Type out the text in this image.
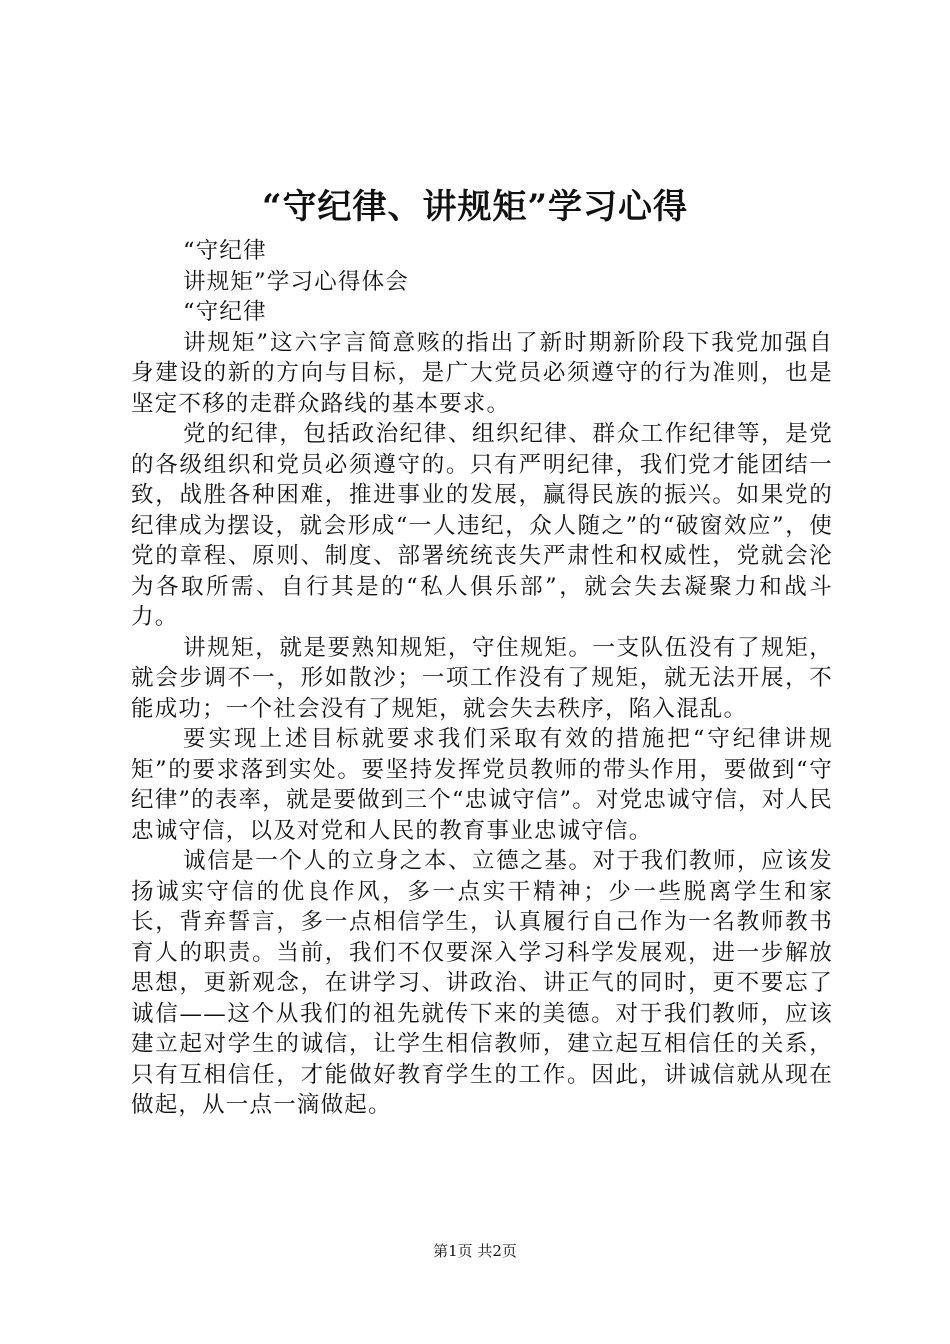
“守纪律、讲规矩”学习心得

“守纪律

讲规矩”学习心得体会

“守纪律

讲规矩”这六字言简意赅的指出了新时期新阶段下我党加强自身建设的新的方向与目标，是广大党员必须遵守的行为准则，也是坚定不移的走群众路线的基本要求。

党的纪律，包括政治纪律、组织纪律、群众工作纪律等，是党的各级组织和党员必须遵守的。只有严明纪律，我们党才能团结一致，战胜各种困难，推进事业的发展，赢得民族的振兴。如果党的纪律成为摆设，就会形成“一人违纪，众人随之”的“破窗效应”，使党的章程、原则、制度、部署统统丧失严肃性和权威性，党就会沦为各取所需、自行其是的“私人俱乐部”，就会失去凝聚力和战斗力。

讲规矩，就是要熟知规矩，守住规矩。一支队伍没有了规矩，就会步调不一，形如散沙；一项工作没有了规矩，就无法开展，不能成功；一个社会没有了规矩，就会失去秩序，陷入混乱。

要实现上述目标就要求我们采取有效的措施把“守纪律讲规矩”的要求落到实处。要坚持发挥党员教师的带头作用，要做到“守纪律”的表率，就是要做到三个“忠诚守信”。对党忠诚守信，对人民忠诚守信，以及对党和人民的教育事业忠诚守信。

诚信是一个人的立身之本、立德之基。对于我们教师，应该发扬诚实守信的优良作风，多一点实干精神；少一些脱离学生和家长，背弃誓言，多一点相信学生，认真履行自己作为一名教师教书育人的职责。当前，我们不仅要深入学习科学发展观，进一步解放思想，更新观念，在讲学习、讲政治、讲正气的同时，更不要忘了诚信——这个从我们的祖先就传下来的美德。对于我们教师，应该建立起对学生的诚信，让学生相信教师，建立起互相信任的关系，只有互相信任，才能做好教育学生的工作。因此，讲诚信就从现在做起，从一点一滴做起。

第1页 共2页
